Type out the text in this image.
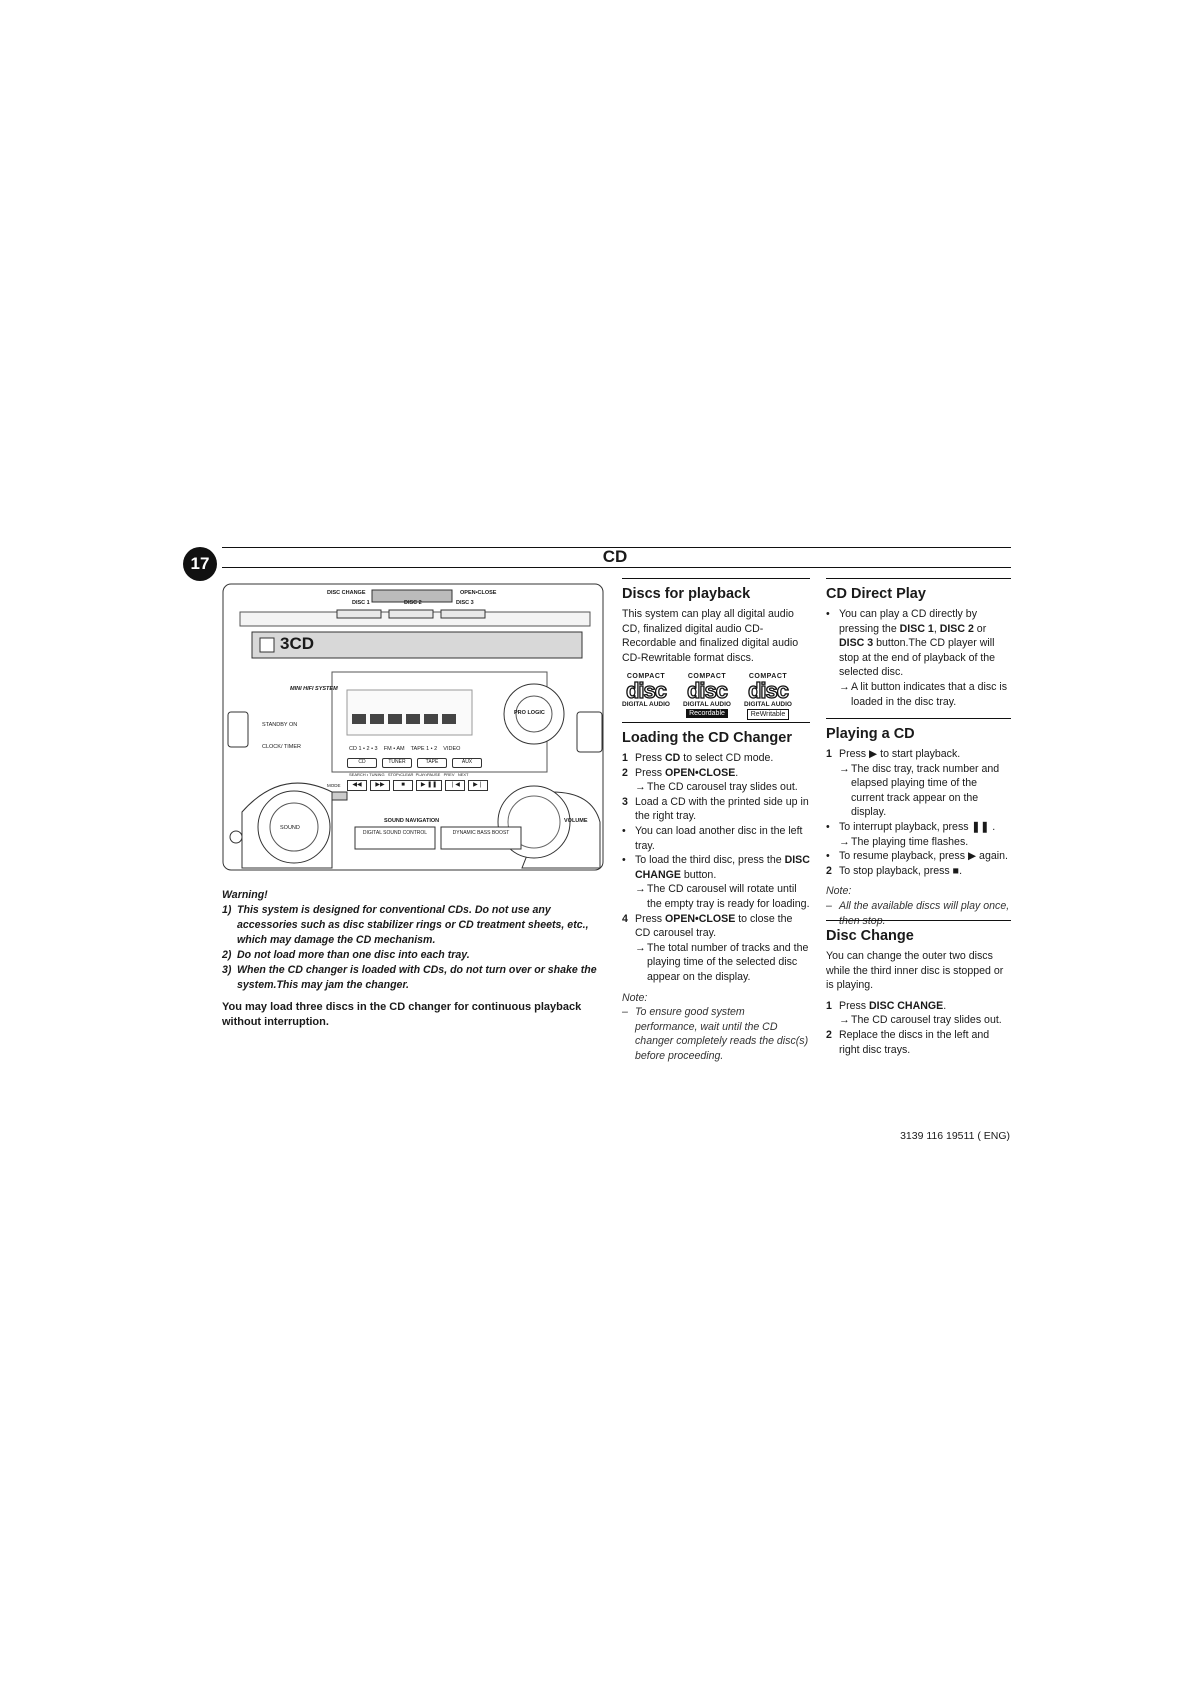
17	CD
DISC CHANGE	OPEN•CLOSE
DISC 1	DISC 2	DISC 3
3CD
MINI HIFI SYSTEM
STANDBY ON
CLOCK/ TIMER
PRO LOGIC
CD 1 • 2 • 3    FM • AM    TAPE 1 • 2    VIDEO
CD	TUNER	TAPE	AUX
MODE
SEARCH • TUNING   STOP•CLEAR  PLAY•PAUSE   PREV   NEXT
◀◀	▶▶	■	▶ ❚❚	❘◀	▶❘
SOUND
SOUND NAVIGATION	VOLUME
DIGITAL SOUND CONTROL	DYNAMIC BASS BOOST
Warning!
1) This system is designed for conventional CDs. Do not use any accessories such as disc stabilizer rings or CD treatment sheets, etc., which may damage the CD mechanism.
2) Do not load more than one disc into each tray.
3) When the CD changer is loaded with CDs, do not turn over or shake the system.This may jam the changer.
You may load three discs in the CD changer for continuous playback without interruption.
Discs for playback

This system can play all digital audio CD, finalized digital audio CD-Recordable and finalized digital audio CD-Rewritable format discs.

COMPACT
disc
DIGITAL AUDIO
COMPACT
disc
DIGITAL AUDIO
Recordable
COMPACT
disc
DIGITAL AUDIO
ReWritable
Loading the CD Changer
1 Press CD to select CD mode.
2 Press OPEN•CLOSE.
→ The CD carousel tray slides out.
3 Load a CD with the printed side up in the right tray.
• You can load another disc in the left tray.
• To load the third disc, press the DISC CHANGE button.
→ The CD carousel will rotate until the empty tray is ready for loading.
4 Press OPEN•CLOSE to close the CD carousel tray.
→ The total number of tracks and the playing time of the selected disc appear on the display.
Note:
– To ensure good system performance, wait until the CD changer completely reads the disc(s) before proceeding.
CD Direct Play
• You can play a CD directly by pressing the DISC 1, DISC 2 or DISC 3 button.The CD player will stop at the end of playback of the selected disc.
→ A lit button indicates that a disc is loaded in the disc tray.
Playing a CD
1 Press ▶ to start playback.
→ The disc tray, track number and elapsed playing time of the current track appear on the display.
• To interrupt playback, press ❚❚ .
→ The playing time flashes.
• To resume playback, press ▶ again.
2 To stop playback, press ■.
Note:
– All the available discs will play once, then stop.
Disc Change

You can change the outer two discs while the third inner disc is stopped or is playing.

1 Press DISC CHANGE.
→ The CD carousel tray slides out.
2 Replace the discs in the left and right disc trays.
3139 116 19511 ( ENG)
